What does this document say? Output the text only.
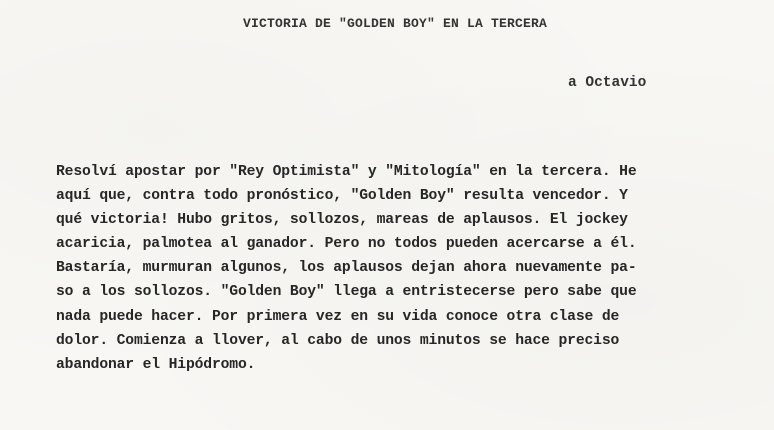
VICTORIA DE "GOLDEN BOY" EN LA TERCERA
a Octavio
Resolví apostar por "Rey Optimista" y "Mitología" en la tercera. He
aquí que, contra todo pronóstico, "Golden Boy" resulta vencedor. Y
qué victoria! Hubo gritos, sollozos, mareas de aplausos. El jockey
acaricia, palmotea al ganador. Pero no todos pueden acercarse a él.
Bastaría, murmuran algunos, los aplausos dejan ahora nuevamente pa-
so a los sollozos. "Golden Boy" llega a entristecerse pero sabe que
nada puede hacer. Por primera vez en su vida conoce otra clase de
dolor. Comienza a llover, al cabo de unos minutos se hace preciso
abandonar el Hipódromo.
